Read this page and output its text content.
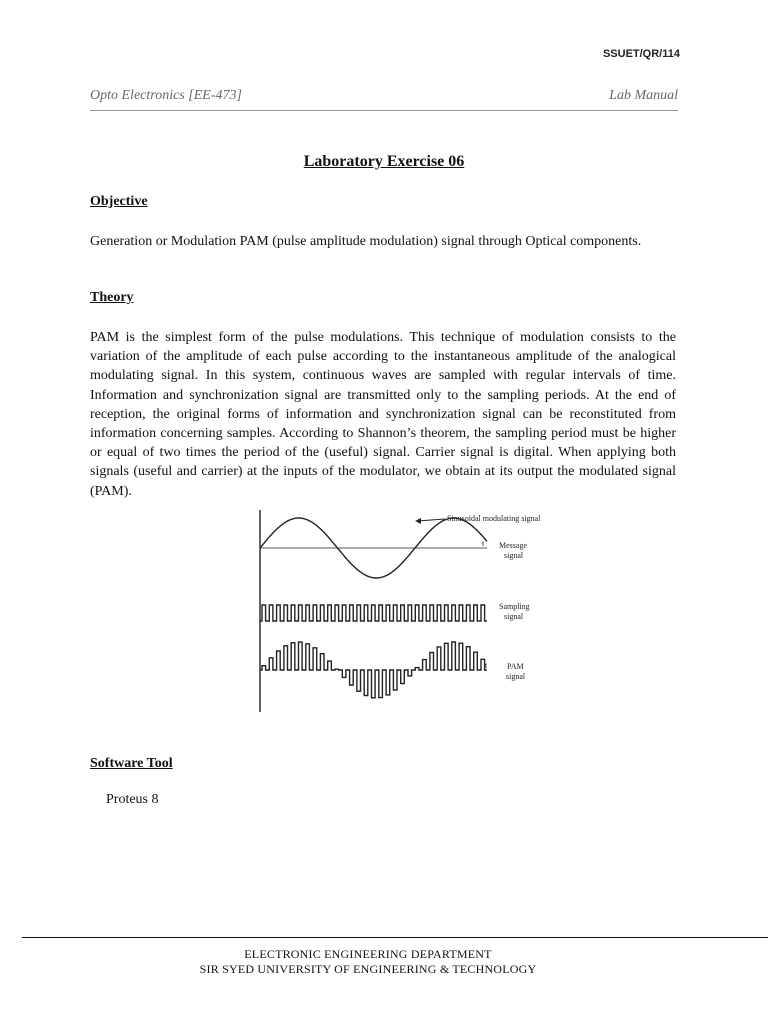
SSUET/QR/114
Opto Electronics [EE-473]	Lab Manual
Laboratory Exercise 06
Objective
Generation or Modulation PAM (pulse amplitude modulation) signal through Optical components.
Theory
PAM is the simplest form of the pulse modulations. This technique of modulation consists to the variation of the amplitude of each pulse according to the instantaneous amplitude of the analogical modulating signal. In this system, continuous waves are sampled with regular intervals of time. Information and synchronization signal are transmitted only to the sampling periods. At the end of reception, the original forms of information and synchronization signal can be reconstituted from information concerning samples. According to Shannon’s theorem, the sampling period must be higher or equal of two times the period of the (useful) signal. Carrier signal is digital. When applying both signals (useful and carrier) at the inputs of the modulator, we obtain at its output the modulated signal (PAM).
Sinusoidal modulating signal
t Message
signal
Sampling
signal
t PAM
signal
Software Tool
Proteus 8
ELECTRONIC ENGINEERING DEPARTMENT
SIR SYED UNIVERSITY OF ENGINEERING & TECHNOLOGY
